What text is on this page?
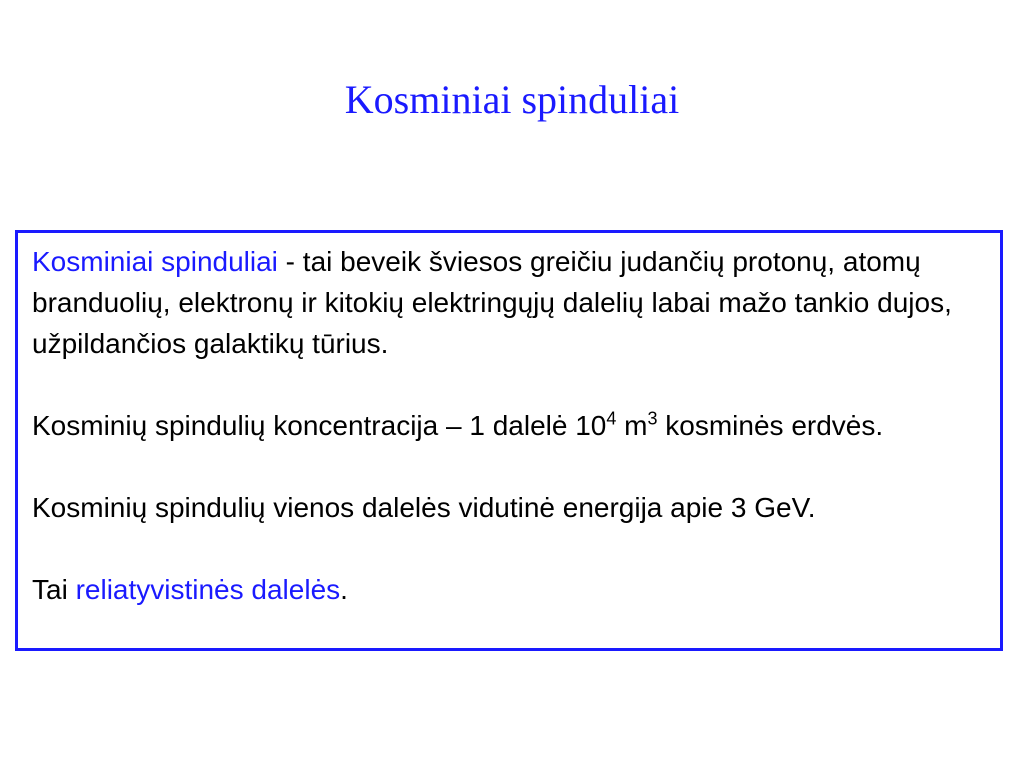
Kosminiai spinduliai

Kosminiai spinduliai - tai beveik šviesos greičiu judančių protonų, atomų branduolių, elektronų ir kitokių elektringųjų dalelių labai mažo tankio dujos, užpildančios galaktikų tūrius.

Kosminių spindulių koncentracija – 1 dalelė $10^4$ $m^3$ kosminės erdvės.

Kosminių spindulių vienos dalelės vidutinė energija apie 3 GeV.

Tai reliatyvistinės dalelės.
